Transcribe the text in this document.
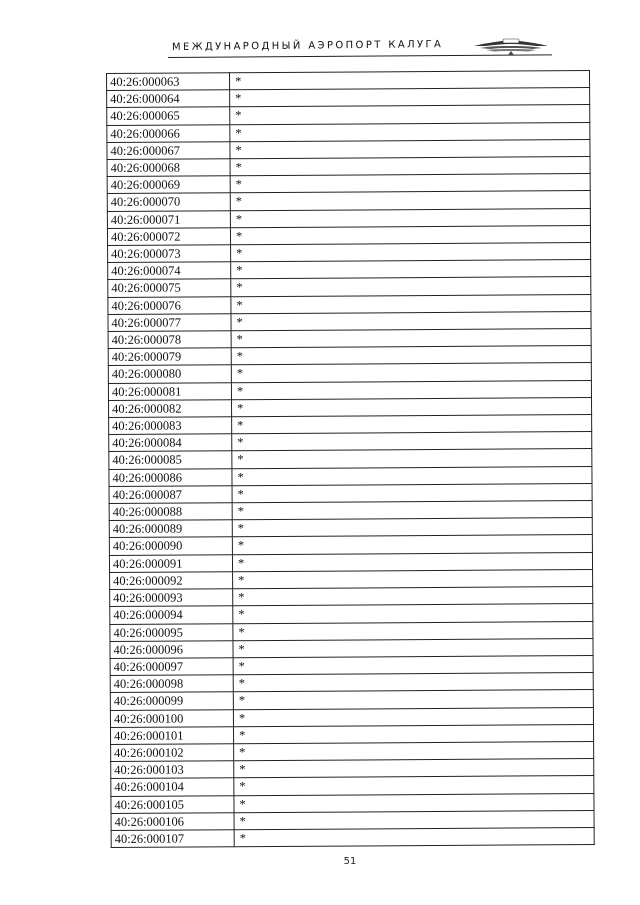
МЕЖДУНАРОДНЫЙ АЭРОПОРТ КАЛУГА
40:26:000063	*
40:26:000064	*
40:26:000065	*
40:26:000066	*
40:26:000067	*
40:26:000068	*
40:26:000069	*
40:26:000070	*
40:26:000071	*
40:26:000072	*
40:26:000073	*
40:26:000074	*
40:26:000075	*
40:26:000076	*
40:26:000077	*
40:26:000078	*
40:26:000079	*
40:26:000080	*
40:26:000081	*
40:26:000082	*
40:26:000083	*
40:26:000084	*
40:26:000085	*
40:26:000086	*
40:26:000087	*
40:26:000088	*
40:26:000089	*
40:26:000090	*
40:26:000091	*
40:26:000092	*
40:26:000093	*
40:26:000094	*
40:26:000095	*
40:26:000096	*
40:26:000097	*
40:26:000098	*
40:26:000099	*
40:26:000100	*
40:26:000101	*
40:26:000102	*
40:26:000103	*
40:26:000104	*
40:26:000105	*
40:26:000106	*
40:26:000107	*
51
